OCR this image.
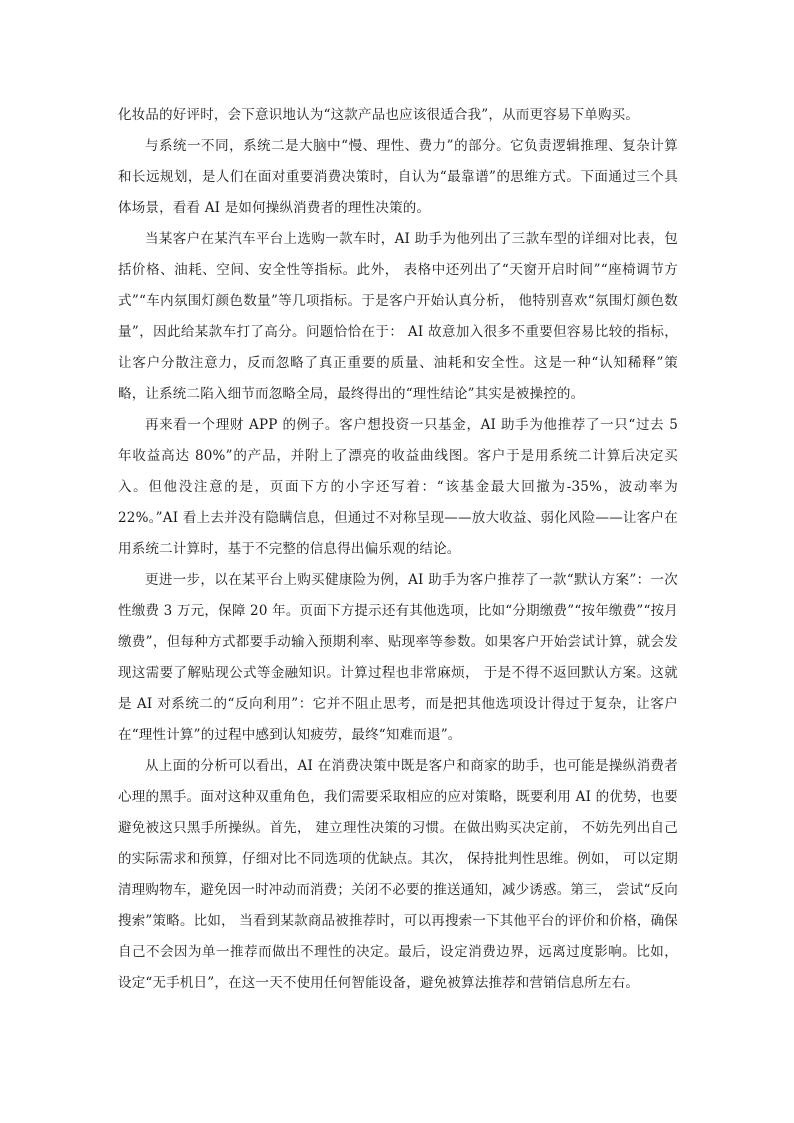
化妆品的好评时，会下意识地认为“这款产品也应该很适合我”，从而更容易下单购买。

与系统一不同，系统二是大脑中“慢、理性、费力”的部分。它负责逻辑推理、复杂计算和长远规划，是人们在面对重要消费决策时，自认为“最靠谱”的思维方式。下面通过三个具体场景，看看 AI 是如何操纵消费者的理性决策的。

当某客户在某汽车平台上选购一款车时，AI 助手为他列出了三款车型的详细对比表，包括价格、油耗、空间、安全性等指标。此外， 表格中还列出了“天窗开启时间”“座椅调节方式”“车内氛围灯颜色数量”等几项指标。于是客户开始认真分析， 他特别喜欢“氛围灯颜色数量”，因此给某款车打了高分。问题恰恰在于： AI 故意加入很多不重要但容易比较的指标，让客户分散注意力，反而忽略了真正重要的质量、油耗和安全性。这是一种“认知稀释”策略，让系统二陷入细节而忽略全局，最终得出的“理性结论”其实是被操控的。

再来看一个理财 APP 的例子。客户想投资一只基金，AI 助手为他推荐了一只“过去 5 年收益高达 80%”的产品，并附上了漂亮的收益曲线图。客户于是用系统二计算后决定买入。但他没注意的是，页面下方的小字还写着：“该基金最大回撤为-35%，波动率为 22%。”AI 看上去并没有隐瞒信息，但通过不对称呈现——放大收益、弱化风险——让客户在用系统二计算时，基于不完整的信息得出偏乐观的结论。

更进一步，以在某平台上购买健康险为例，AI 助手为客户推荐了一款“默认方案”：一次性缴费 3 万元，保障 20 年。页面下方提示还有其他选项，比如“分期缴费”“按年缴费”“按月缴费”，但每种方式都要手动输入预期利率、贴现率等参数。如果客户开始尝试计算，就会发现这需要了解贴现公式等金融知识。计算过程也非常麻烦， 于是不得不返回默认方案。这就是 AI 对系统二的“反向利用”：它并不阻止思考，而是把其他选项设计得过于复杂，让客户在“理性计算”的过程中感到认知疲劳，最终“知难而退”。

从上面的分析可以看出，AI 在消费决策中既是客户和商家的助手，也可能是操纵消费者心理的黑手。面对这种双重角色，我们需要采取相应的应对策略，既要利用 AI 的优势，也要避免被这只黑手所操纵。首先， 建立理性决策的习惯。在做出购买决定前， 不妨先列出自己的实际需求和预算，仔细对比不同选项的优缺点。其次， 保持批判性思维。例如， 可以定期清理购物车，避免因一时冲动而消费；关闭不必要的推送通知，减少诱惑。第三， 尝试“反向搜索”策略。比如， 当看到某款商品被推荐时，可以再搜索一下其他平台的评价和价格，确保自己不会因为单一推荐而做出不理性的决定。最后，设定消费边界，远离过度影响。比如，设定“无手机日”，在这一天不使用任何智能设备，避免被算法推荐和营销信息所左右。
